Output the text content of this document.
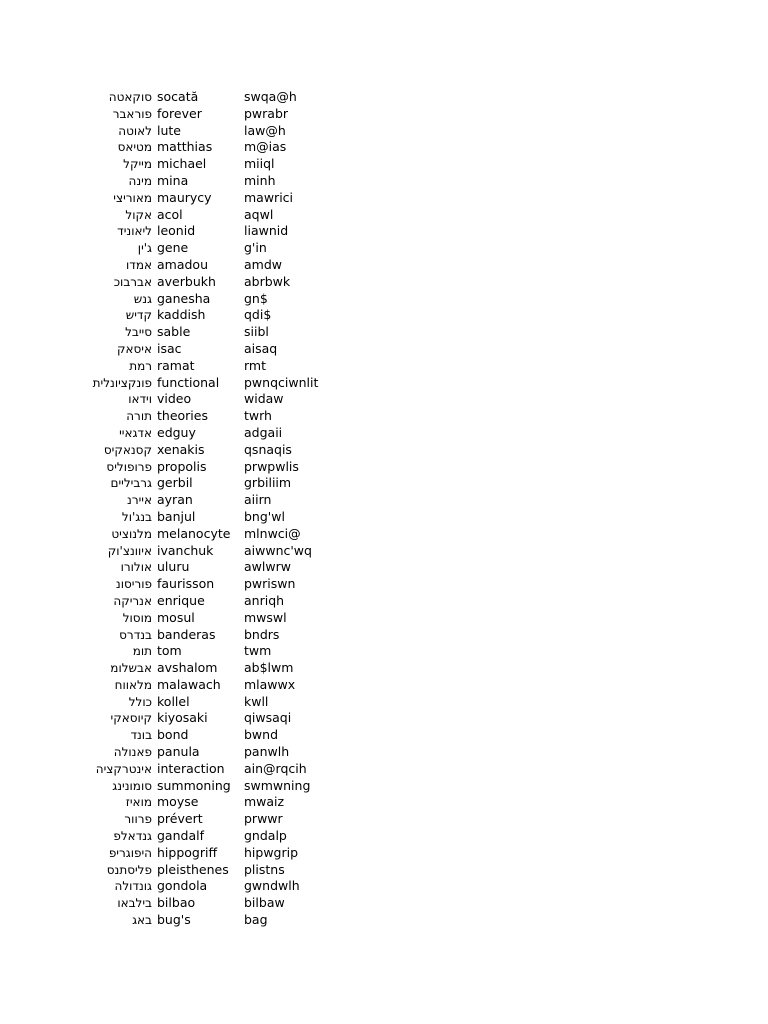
סוקאטה socată	swqa@h
פוראבר forever	pwrabr
לאוטה lute	law@h
מטיאס matthias	m@ias
מייקל michael	miiql
מינה mina	minh
מאוריצי maurycy	mawrici
אקול acol	aqwl
ליאוניד leonid	liawnid
ג'ין gene	g'in
אמדו amadou	amdw
אברבוכ averbukh abrbwk
גנש ganesha	gn$
קדיש kaddish	qdi$
סייבל sable	siibl
איסאק isac	aisaq
רמת ramat	rmt
פונקציונלית functional pwnqciwnlit
וידאו video	widaw
תורה theories	twrh
אדגאיי edguy	adgaii
קסנאקיס xenakis	qsnaqis
פרופוליס propolis	prwpwlis
גרביליים gerbil	grbiliim
איירנ ayran	aiirn
בנג'ול banjul	bng'wl
מלנוציט melanocyte mlnwci@
איוונצ'וק ivanchuk aiwwnc'wq
אולורו uluru	awlwrw
פוריסונ faurisson pwriswn
אנריקה enrique	anriqh
מוסול mosul	mwswl
בנדרס banderas bndrs
תומ tom	twm
אבשלומ avshalom ab$lwm
מלאווח malawach mlawwx
כולל kollel	kwll
קיוסאקי kiyosaki	qiwsaqi
בונד bond	bwnd
פאנולה panula	panwlh
אינטרקציה interaction ain@rqcih
סומונינג summoning swmwning
מואיז moyse	mwaiz
פרוור prévert	prwwr
גנדאלפ gandalf	gndalp
היפוגריפ hippogriff hipwgrip
פליסתנס pleisthenes plistns
גונדולה gondola	gwndwlh
בילבאו bilbao	bilbaw
באג bug's	bag
